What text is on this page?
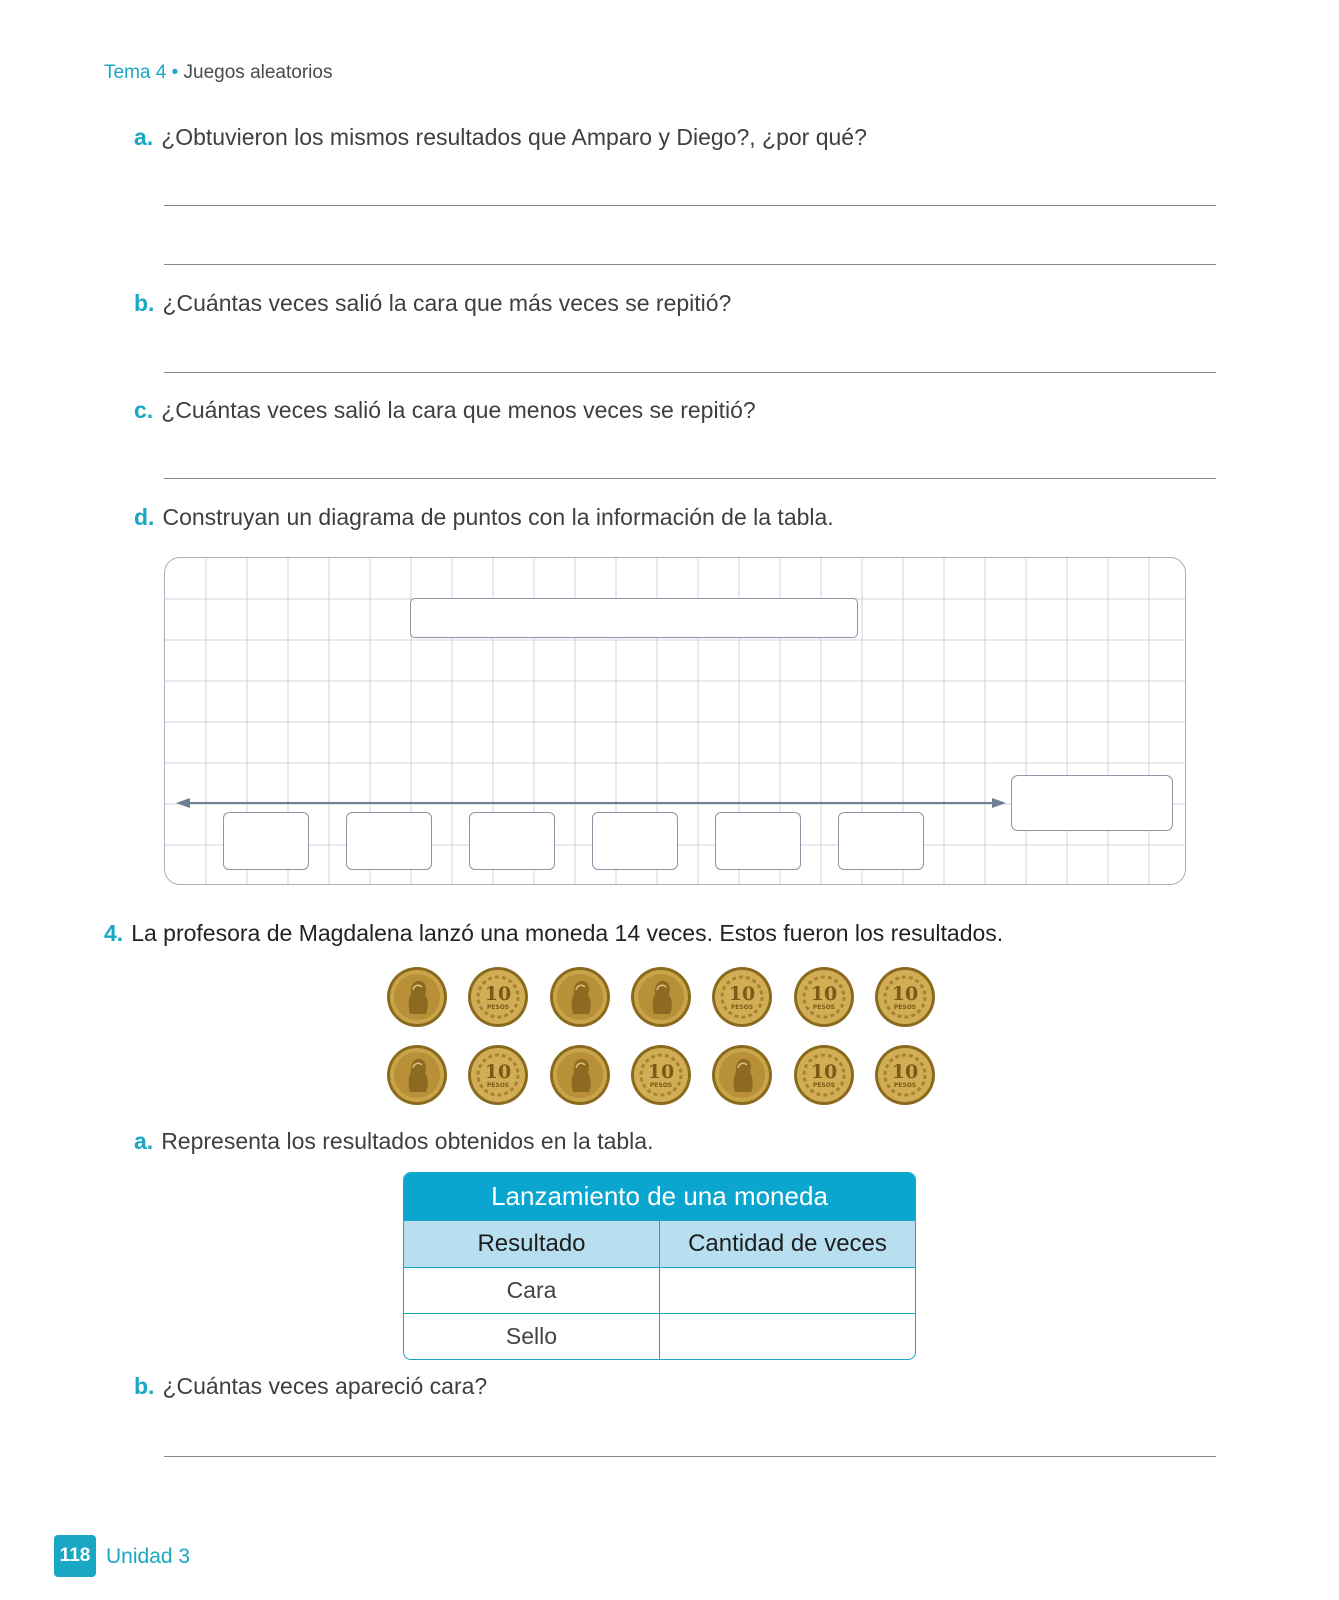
Tema 4 • Juegos aleatorios
a. ¿Obtuvieron los mismos resultados que Amparo y Diego?, ¿por qué?
b. ¿Cuántas veces salió la cara que más veces se repitió?
c. ¿Cuántas veces salió la cara que menos veces se repitió?
d. Construyan un diagrama de puntos con la información de la tabla.
4. La profesora de Magdalena lanzó una moneda 14 veces. Estos fueron los resultados.
10
PESOS
10
PESOS
10
PESOS
10
PESOS
10
PESOS
10
PESOS
10
PESOS
10
PESOS
a. Representa los resultados obtenidos en la tabla.
Lanzamiento de una moneda
Resultado	Cantidad de veces
Cara
Sello
b. ¿Cuántas veces apareció cara?
118 Unidad 3
